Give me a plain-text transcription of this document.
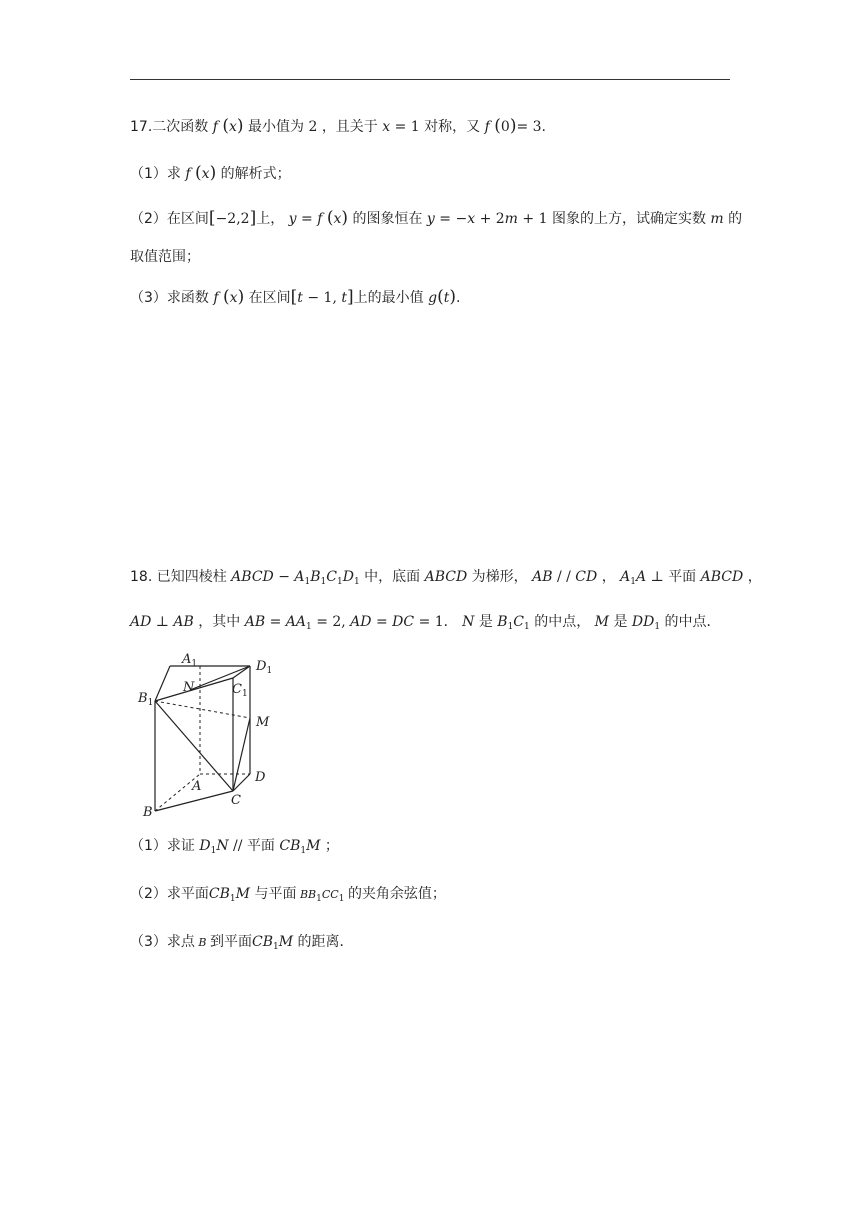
17.二次函数 f (x) 最小值为 2 ，且关于 x = 1 对称，又 f (0)= 3.
（1）求 f (x) 的解析式；
（2）在区间[−2,2]上， y = f (x) 的图象恒在 y = −x + 2m + 1 图象的上方，试确定实数 m 的
取值范围；
（3）求函数 f (x) 在区间[t − 1, t]上的最小值 g(t).
18. 已知四棱柱 ABCD − $A_1B_1C_1D_1$ 中，底面 ABCD 为梯形， AB / / CD ， $A_1A$ ⊥ 平面 ABCD ，
AD ⊥ AB ，其中 AB = $AA_1 = 2$, AD = DC = 1． N 是 $B_1C_1$ 的中点， M 是 $DD_1$ 的中点．
$A_1$	$D_1$
$C_1$
$B_1$
N
M
D
A
C
B
（1）求证 $D_1N$ // 平面 $CB_1M$ ；
（2）求平面$CB_1M$ 与平面 $BB_1CC_1$ 的夹角余弦值；
（3）求点 B 到平面$CB_1M$ 的距离．
